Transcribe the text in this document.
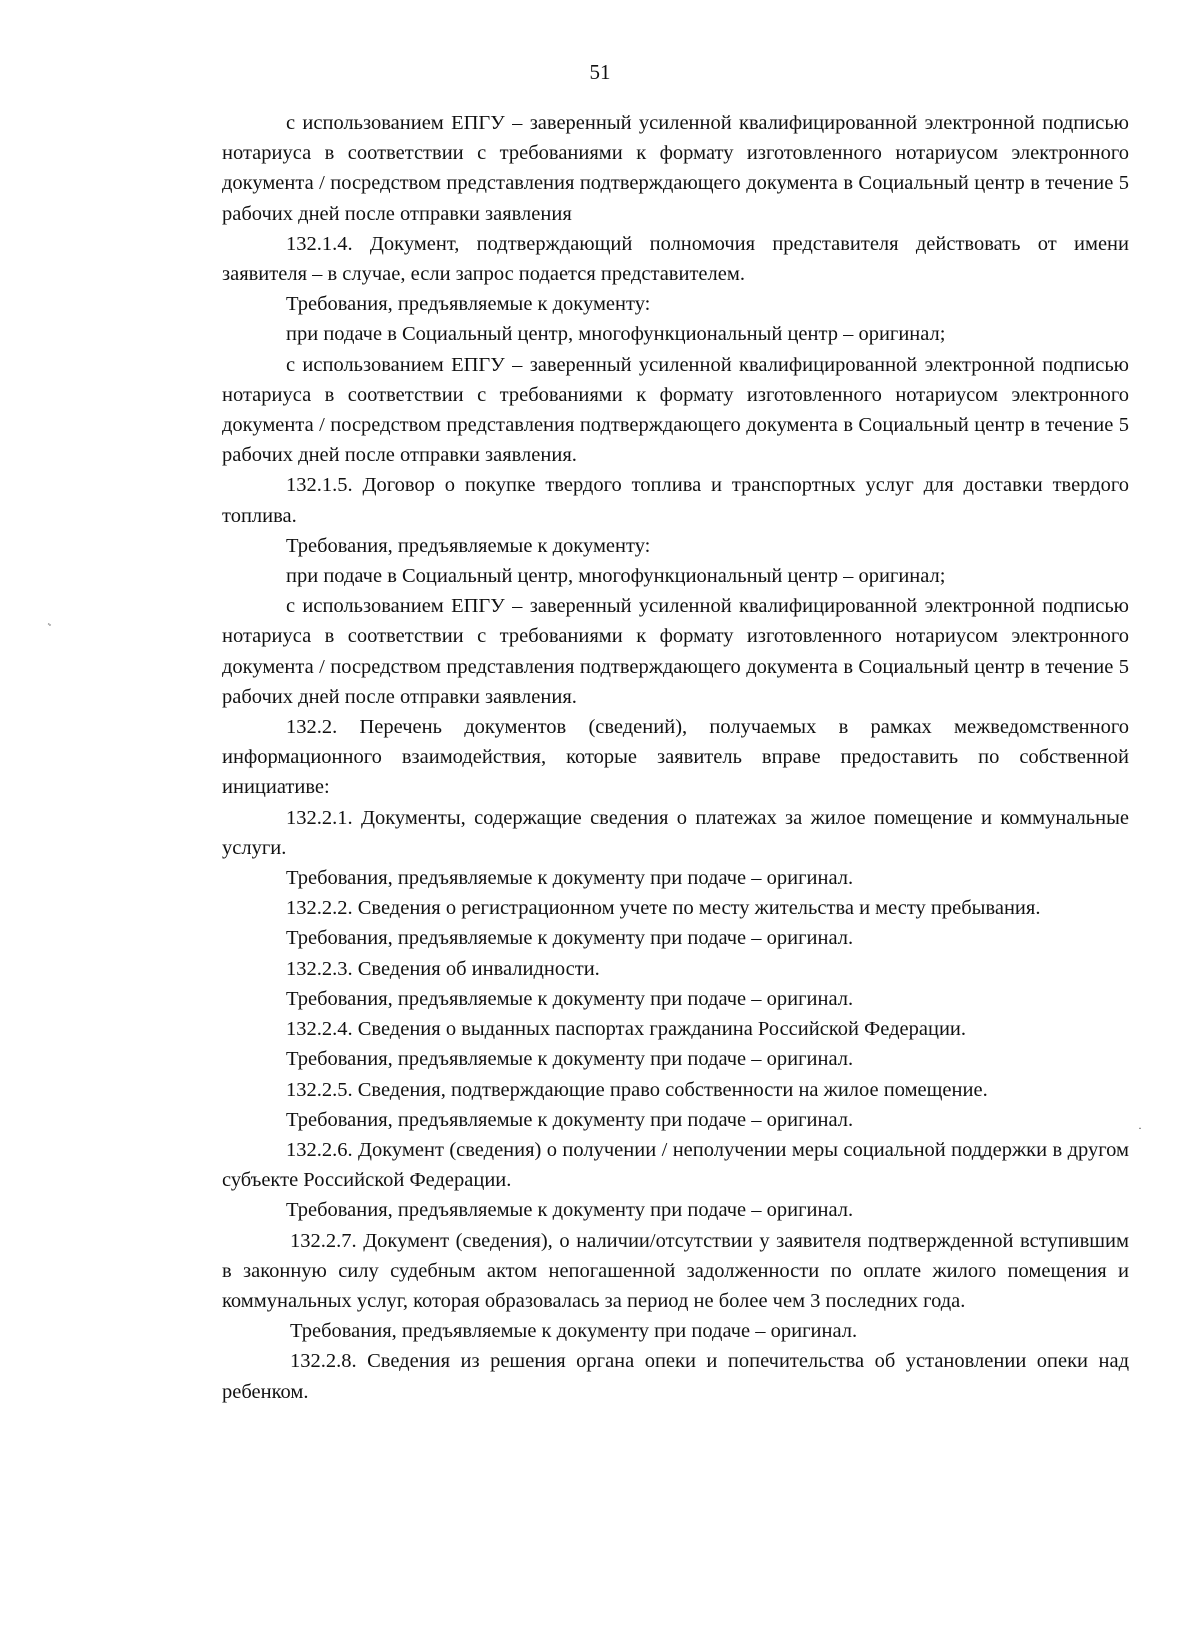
51

с использованием ЕПГУ – заверенный усиленной квалифицированной электронной подписью нотариуса в соответствии с требованиями к формату изготовленного нотариусом электронного документа / посредством представления подтверждающего документа в Социальный центр в течение 5 рабочих дней после отправки заявления

132.1.4. Документ, подтверждающий полномочия представителя действовать от имени заявителя – в случае, если запрос подается представителем.

Требования, предъявляемые к документу:

при подаче в Социальный центр, многофункциональный центр – оригинал;

с использованием ЕПГУ – заверенный усиленной квалифицированной электронной подписью нотариуса в соответствии с требованиями к формату изготовленного нотариусом электронного документа / посредством представления подтверждающего документа в Социальный центр в течение 5 рабочих дней после отправки заявления.

132.1.5. Договор о покупке твердого топлива и транспортных услуг для доставки твердого топлива.

Требования, предъявляемые к документу:

при подаче в Социальный центр, многофункциональный центр – оригинал;

с использованием ЕПГУ – заверенный усиленной квалифицированной электронной подписью нотариуса в соответствии с требованиями к формату изготовленного нотариусом электронного документа / посредством представления подтверждающего документа в Социальный центр в течение 5 рабочих дней после отправки заявления.

132.2. Перечень документов (сведений), получаемых в рамках межведомственного информационного взаимодействия, которые заявитель вправе предоставить по собственной инициативе:

132.2.1. Документы, содержащие сведения о платежах за жилое помещение и коммунальные услуги.

Требования, предъявляемые к документу при подаче – оригинал.

132.2.2. Сведения о регистрационном учете по месту жительства и месту пребывания.

Требования, предъявляемые к документу при подаче – оригинал.

132.2.3. Сведения об инвалидности.

Требования, предъявляемые к документу при подаче – оригинал.

132.2.4. Сведения о выданных паспортах гражданина Российской Федерации.

Требования, предъявляемые к документу при подаче – оригинал.

132.2.5. Сведения, подтверждающие право собственности на жилое помещение.

Требования, предъявляемые к документу при подаче – оригинал.

132.2.6. Документ (сведения) о получении / неполучении меры социальной поддержки в другом субъекте Российской Федерации.

Требования, предъявляемые к документу при подаче – оригинал.

132.2.7. Документ (сведения), о наличии/отсутствии у заявителя подтвержденной вступившим в законную силу судебным актом непогашенной задолженности по оплате жилого помещения и коммунальных услуг, которая образовалась за период не более чем 3 последних года.

Требования, предъявляемые к документу при подаче – оригинал.

132.2.8. Сведения из решения органа опеки и попечительства об установлении опеки над ребенком.

˞
·
